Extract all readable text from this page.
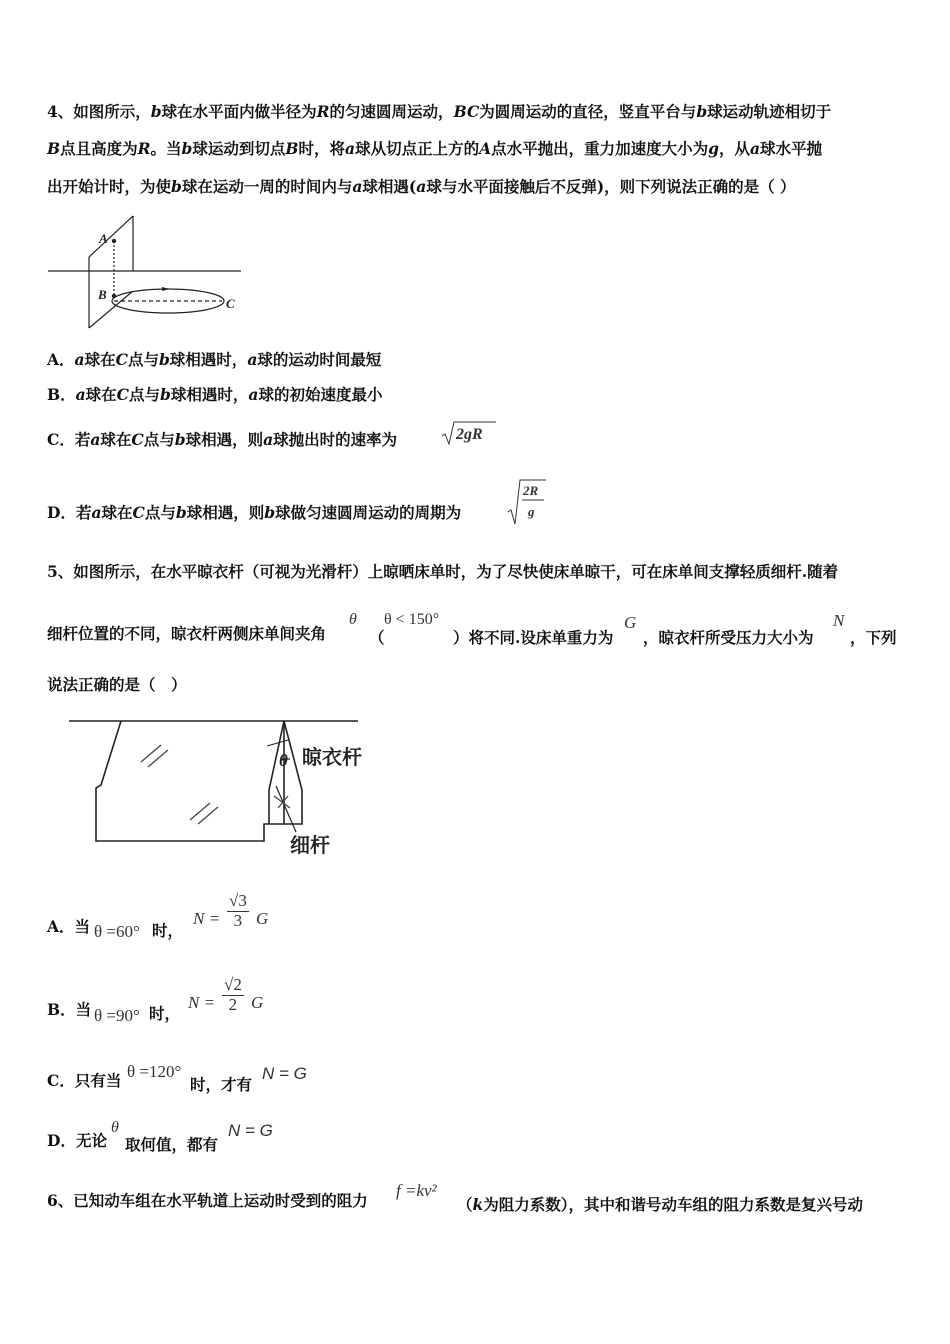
4、如图所示，b球在水平面内做半径为R的匀速圆周运动，BC为圆周运动的直径，竖直平台与b球运动轨迹相切于
B点且高度为R。当b球运动到切点B时，将a球从切点正上方的A点水平抛出，重力加速度大小为g，从a球水平抛
出开始计时，为使b球在运动一周的时间内与a球相遇(a球与水平面接触后不反弹)，则下列说法正确的是（ ）
A
B
C
A．a球在C点与b球相遇时，a球的运动时间最短
B．a球在C点与b球相遇时，a球的初始速度最小
C．若a球在C点与b球相遇，则a球抛出时的速率为	2gR
D．若a球在C点与b球相遇，则b球做匀速圆周运动的周期为
2R
g
5、如图所示，在水平晾衣杆（可视为光滑杆）上晾晒床单时，为了尽快使床单晾干，可在床单间支撑轻质细杆.随着
细杆位置的不同，晾衣杆两侧床单间夹角
θ
（
θ < 150°
）将不同.设床单重力为
G
，晾衣杆所受压力大小为
N
，下列
说法正确的是（　）
θ 晾衣杆
细杆
A．当 θ =60° 时，
$N = \frac{√3}{3}$ G
B．当 θ =90° 时，
$N = \frac{√2}{2}$ G
C．只有当 θ =120°
时，才有
N = G
D．无论
θ
取何值，都有
N = G
6、已知动车组在水平轨道上运动时受到的阻力
f =kv²
（k为阻力系数），其中和谐号动车组的阻力系数是复兴号动
